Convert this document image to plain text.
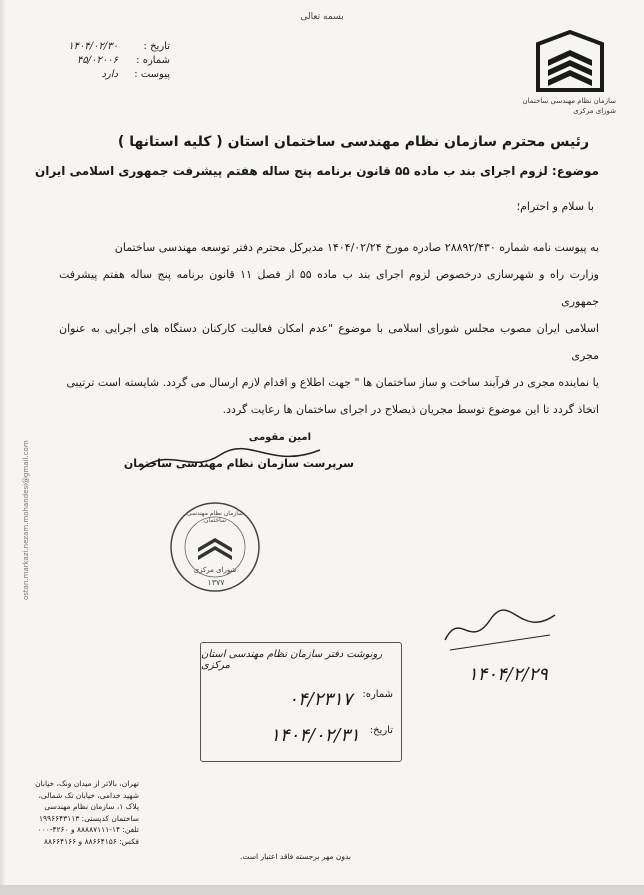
بسمه تعالی
سازمان نظام مهندسی ساختمان
شورای مرکزی
تاریخ :
۱۴۰۴/۰۲/۳۰
شماره :
۴۵/۰۲۰۰۶
پیوست :
دارد
رئیس محترم سازمان نظام مهندسی ساختمان استان ( کلیه استانها )
موضوع: لزوم اجرای بند ب ماده ۵۵ قانون برنامه پنج ساله هفتم پیشرفت جمهوری اسلامی ایران
با سلام و احترام؛
به پیوست نامه شماره ۲۸۸۹۲/۴۳۰ صادره مورخ ۱۴۰۴/۰۲/۲۴ مدیرکل محترم دفتر توسعه مهندسی ساختمان
وزارت راه و شهرسازی درخصوص لزوم اجرای بند ب ماده ۵۵ از فصل ۱۱ قانون برنامه پنج ساله هفتم پیشرفت جمهوری
اسلامی ایران مصوب مجلس شورای اسلامی با موضوع "عدم امکان فعالیت کارکنان دستگاه های اجرایی به عنوان مجری
یا نماینده مجری در فرآیند ساخت و ساز ساختمان ها " جهت اطلاع و اقدام لازم ارسال می گردد. شایسته است ترتیبی
اتخاذ گردد تا این موضوع توسط مجریان ذیصلاح در اجرای ساختمان ها رعایت گردد.
امین مقومی
سرپرست سازمان نظام مهندسی ساختمان
سازمان نظام مهندسی ساختمان
شورای مرکزی
۱۳۷۷
۱۴۰۴/۲/۲۹
رونوشت دفتر سازمان نظام مهندسی استان مرکزی
شماره:
۰۴/۲۳۱۷
تاریخ:
۱۴۰۴/۰۲/۳۱
ostan.markazi.nezam.mohandesi@gmail.com
تهران، بالاتر از میدان ونک، خیابان
شهید خدامی، خیابان تک شمالی،
پلاک ۱، سازمان نظام مهندسی
ساختمان کدپستی: ۱۹۹۶۶۴۳۱۱۳
تلفن: ۱۴-۸۸۸۸۷۱۱۱ و ۴۲۶۰-۰۰۰
فکس: ۸۸۶۶۴۱۵۶ و ۸۸۶۶۴۱۶۶
بدون مهر برجسته فاقد اعتبار است.
